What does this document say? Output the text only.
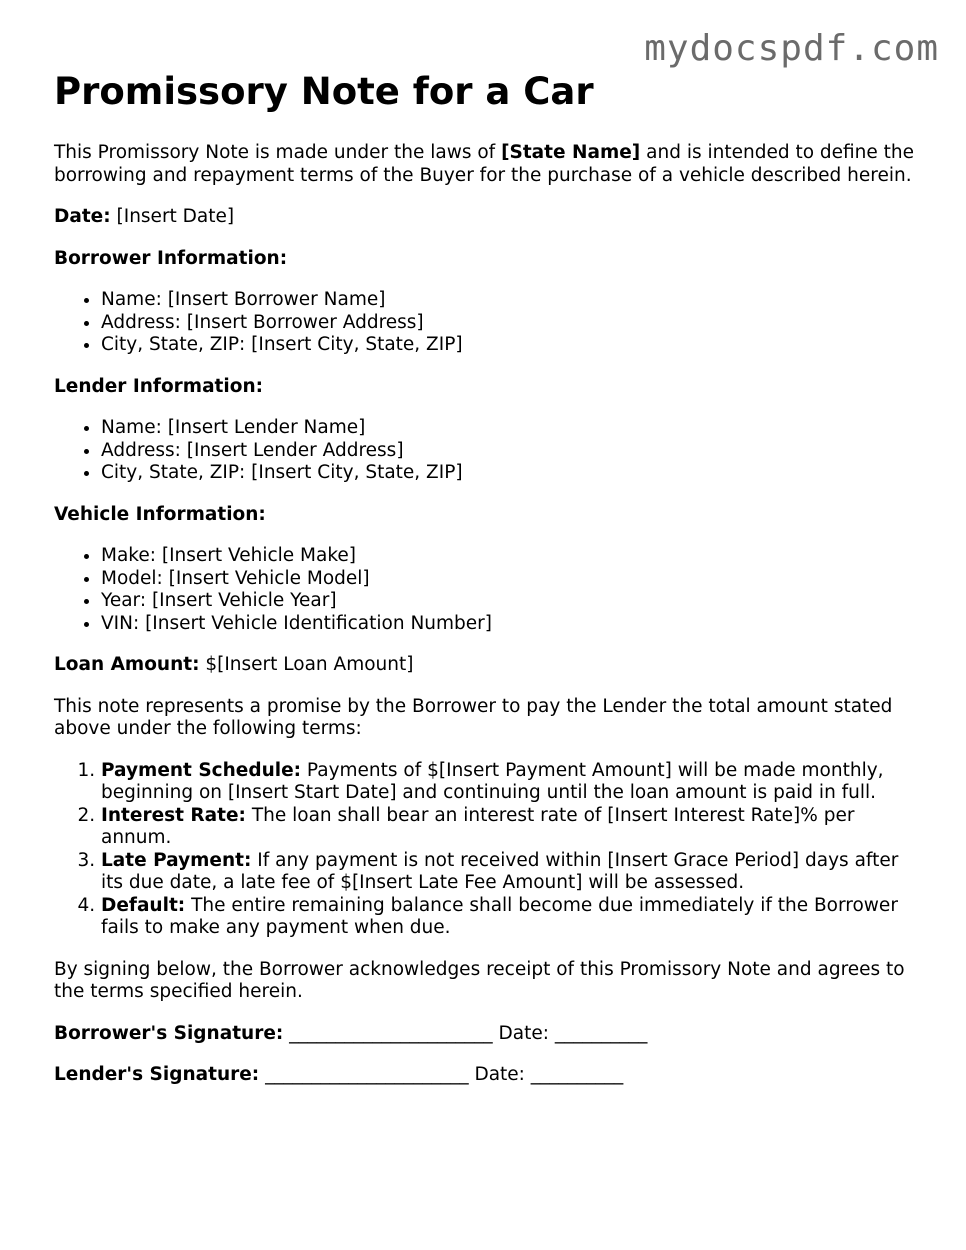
mydocspdf.com
Promissory Note for a Car

This Promissory Note is made under the laws of [State Name] and is intended to define the borrowing and repayment terms of the Buyer for the purchase of a vehicle described herein.

Date: [Insert Date]

Borrower Information:

• Name: [Insert Borrower Name]
• Address: [Insert Borrower Address]
• City, State, ZIP: [Insert City, State, ZIP]

Lender Information:

• Name: [Insert Lender Name]
• Address: [Insert Lender Address]
• City, State, ZIP: [Insert City, State, ZIP]

Vehicle Information:

• Make: [Insert Vehicle Make]
• Model: [Insert Vehicle Model]
• Year: [Insert Vehicle Year]
• VIN: [Insert Vehicle Identification Number]

Loan Amount: $[Insert Loan Amount]

This note represents a promise by the Borrower to pay the Lender the total amount stated above under the following terms:

1. Payment Schedule: Payments of $[Insert Payment Amount] will be made monthly, beginning on [Insert Start Date] and continuing until the loan amount is paid in full.
2. Interest Rate: The loan shall bear an interest rate of [Insert Interest Rate]% per annum.
3. Late Payment: If any payment is not received within [Insert Grace Period] days after its due date, a late fee of $[Insert Late Fee Amount] will be assessed.
4. Default: The entire remaining balance shall become due immediately if the Borrower fails to make any payment when due.

By signing below, the Borrower acknowledges receipt of this Promissory Note and agrees to the terms specified herein.

Borrower's Signature: ______________________ Date: __________

Lender's Signature: ______________________ Date: __________
